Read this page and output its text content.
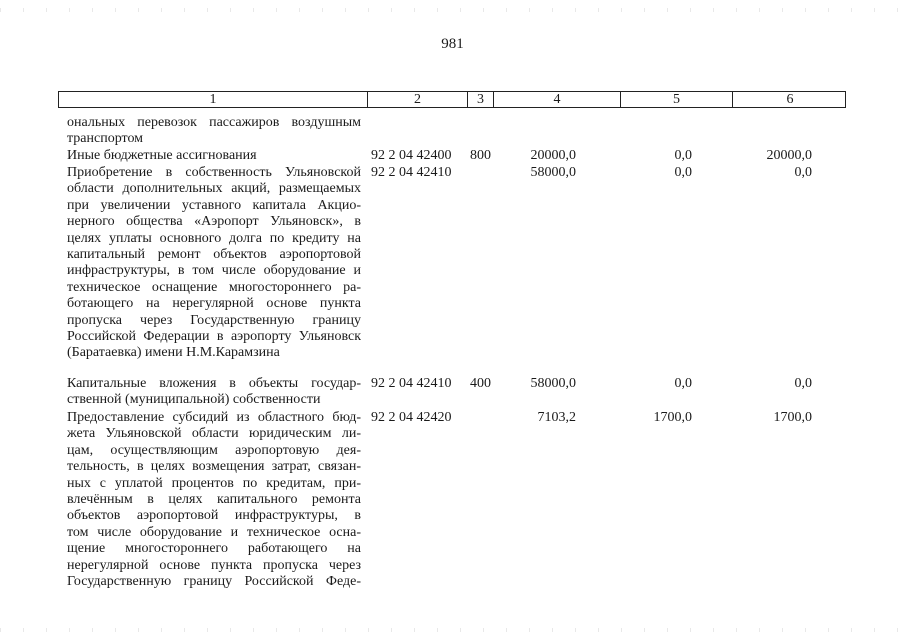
981
1	2	3	4	5	6
ональных перевозок пассажиров воздушным
транспортом
Иные бюджетные ассигнования	92 2 04 42400 800	20000,0	0,0	20000,0
Приобретение в собственность Ульяновской
области дополнительных акций, размещаемых
при увеличении уставного капитала Акцио-
нерного общества «Аэропорт Ульяновск», в
целях уплаты основного долга по кредиту на
капитальный ремонт объектов аэропортовой
инфраструктуры, в том числе оборудование и
техническое оснащение многостороннего ра-
ботающего на нерегулярной основе пункта
пропуска через Государственную границу
Российской Федерации в аэропорту Ульяновск
(Баратаевка) имени Н.М.Карамзина
92 2 04 42410	58000,0	0,0	0,0
Капитальные вложения в объекты государ-
ственной (муниципальной) собственности
92 2 04 42410 400	58000,0	0,0	0,0
Предоставление субсидий из областного бюд-
жета Ульяновской области юридическим ли-
цам, осуществляющим аэропортовую дея-
тельность, в целях возмещения затрат, связан-
ных с уплатой процентов по кредитам, при-
влечённым в целях капитального ремонта
объектов аэропортовой инфраструктуры, в
том числе оборудование и техническое осна-
щение многостороннего работающего на
нерегулярной основе пункта пропуска через
Государственную границу Российской Феде-
92 2 04 42420	7103,2	1700,0	1700,0
